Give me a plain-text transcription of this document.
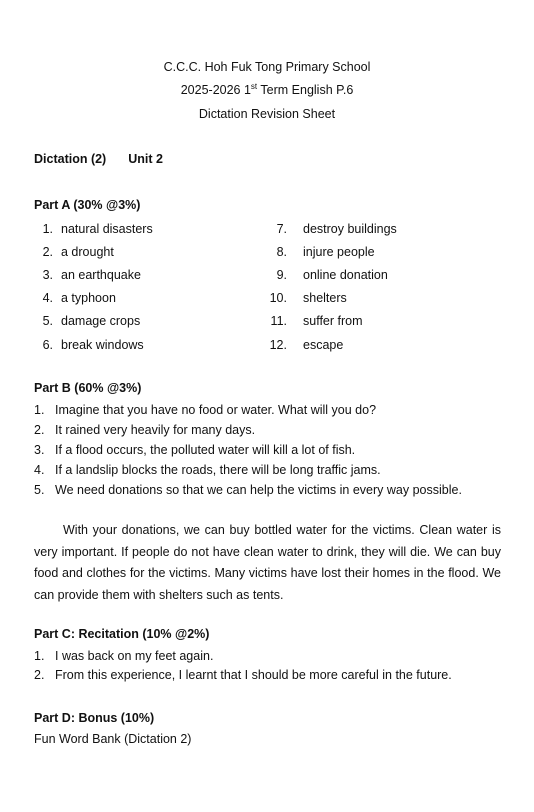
C.C.C. Hoh Fuk Tong Primary School
2025-2026 1st Term English P.6
Dictation Revision Sheet
Dictation (2) Unit 2
Part A (30% @3%)
1. natural disasters
2. a drought
3. an earthquake
4. a typhoon
5. damage crops
6. break windows
7. destroy buildings
8. injure people
9. online donation
10. shelters
11. suffer from
12. escape
Part B (60% @3%)
1. Imagine that you have no food or water. What will you do?
2. It rained very heavily for many days.
3. If a flood occurs, the polluted water will kill a lot of fish.
4. If a landslip blocks the roads, there will be long traffic jams.
5. We need donations so that we can help the victims in every way possible.

With your donations, we can buy bottled water for the victims. Clean water is very important. If people do not have clean water to drink, they will die. We can buy food and clothes for the victims. Many victims have lost their homes in the flood. We can provide them with shelters such as tents.

Part C: Recitation (10% @2%)
1. I was back on my feet again.
2. From this experience, I learnt that I should be more careful in the future.
Part D: Bonus (10%)
Fun Word Bank (Dictation 2)
